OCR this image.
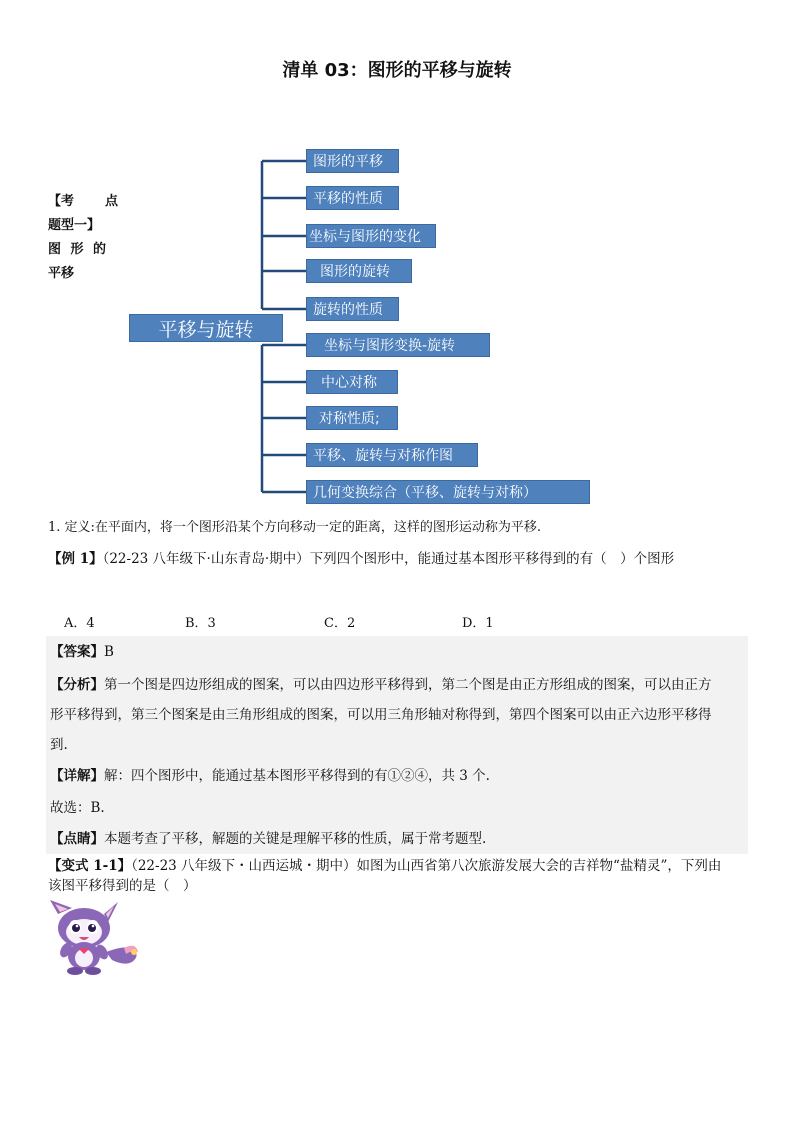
清单 03：图形的平移与旋转
【考 点
题型一】
图 形 的
平移
平移与旋转
图形的平移
平移的性质
坐标与图形的变化
图形的旋转
旋转的性质
坐标与图形变换-旋转
中心对称
对称性质;
平移、旋转与对称作图
几何变换综合（平移、旋转与对称）
1. 定义:在平面内，将一个图形沿某个方向移动一定的距离，这样的图形运动称为平移.
【例 1】（22-23 八年级下·山东青岛·期中）下列四个图形中，能通过基本图形平移得到的有（　）个图形
A．4	B．3	C．2	D．1
【答案】B
【分析】第一个图是四边形组成的图案，可以由四边形平移得到，第二个图是由正方形组成的图案，可以由正方
形平移得到，第三个图案是由三角形组成的图案，可以用三角形轴对称得到，第四个图案可以由正六边形平移得
到.
【详解】解：四个图形中，能通过基本图形平移得到的有①②④，共 3 个.
故选：B.
【点睛】本题考查了平移，解题的关键是理解平移的性质，属于常考题型.
【变式 1-1】（22-23 八年级下・山西运城・期中）如图为山西省第八次旅游发展大会的吉祥物“盐精灵”，下列由
该图平移得到的是（　）
